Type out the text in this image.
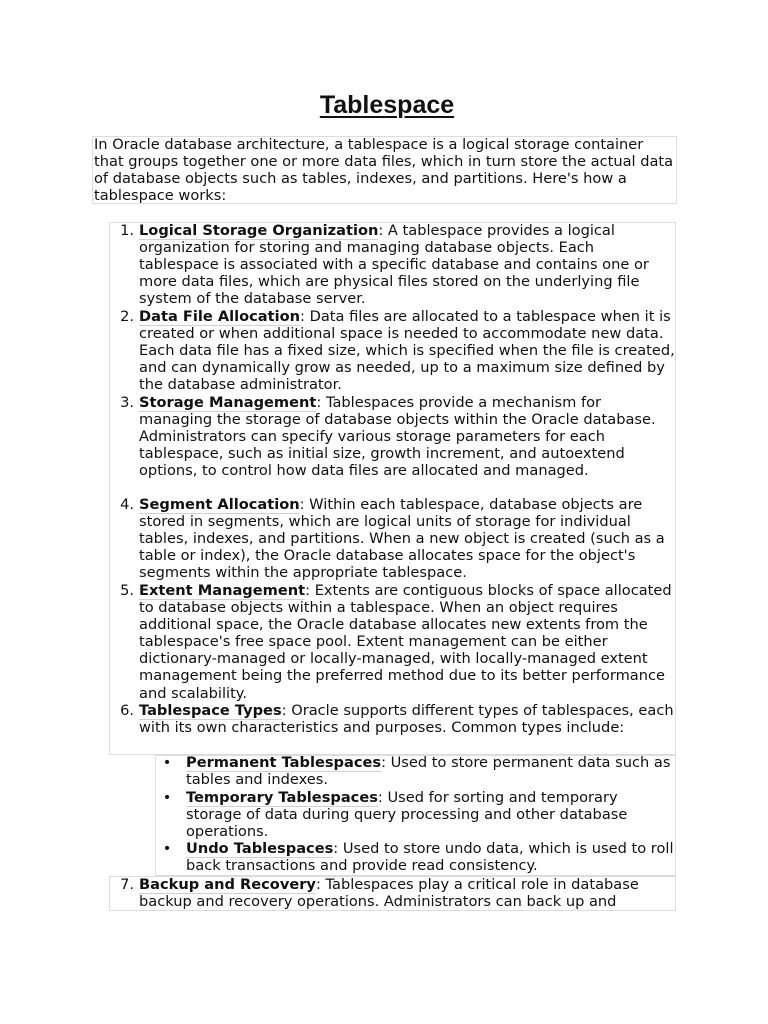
Tablespace

In Oracle database architecture, a tablespace is a logical storage container that groups together one or more data files, which in turn store the actual data of database objects such as tables, indexes, and partitions. Here's how a tablespace works:

1. Logical Storage Organization: A tablespace provides a logical organization for storing and managing database objects. Each tablespace is associated with a specific database and contains one or more data files, which are physical files stored on the underlying file system of the database server.
2. Data File Allocation: Data files are allocated to a tablespace when it is created or when additional space is needed to accommodate new data. Each data file has a fixed size, which is specified when the file is created, and can dynamically grow as needed, up to a maximum size defined by the database administrator.
3. Storage Management: Tablespaces provide a mechanism for managing the storage of database objects within the Oracle database. Administrators can specify various storage parameters for each tablespace, such as initial size, growth increment, and autoextend options, to control how data files are allocated and managed.
4. Segment Allocation: Within each tablespace, database objects are stored in segments, which are logical units of storage for individual tables, indexes, and partitions. When a new object is created (such as a table or index), the Oracle database allocates space for the object's segments within the appropriate tablespace.
5. Extent Management: Extents are contiguous blocks of space allocated to database objects within a tablespace. When an object requires additional space, the Oracle database allocates new extents from the tablespace's free space pool. Extent management can be either dictionary-managed or locally-managed, with locally-managed extent management being the preferred method due to its better performance and scalability.
6. Tablespace Types: Oracle supports different types of tablespaces, each with its own characteristics and purposes. Common types include:
• Permanent Tablespaces: Used to store permanent data such as tables and indexes.
• Temporary Tablespaces: Used for sorting and temporary storage of data during query processing and other database operations.
• Undo Tablespaces: Used to store undo data, which is used to roll back transactions and provide read consistency.
7. Backup and Recovery: Tablespaces play a critical role in database backup and recovery operations. Administrators can back up and
